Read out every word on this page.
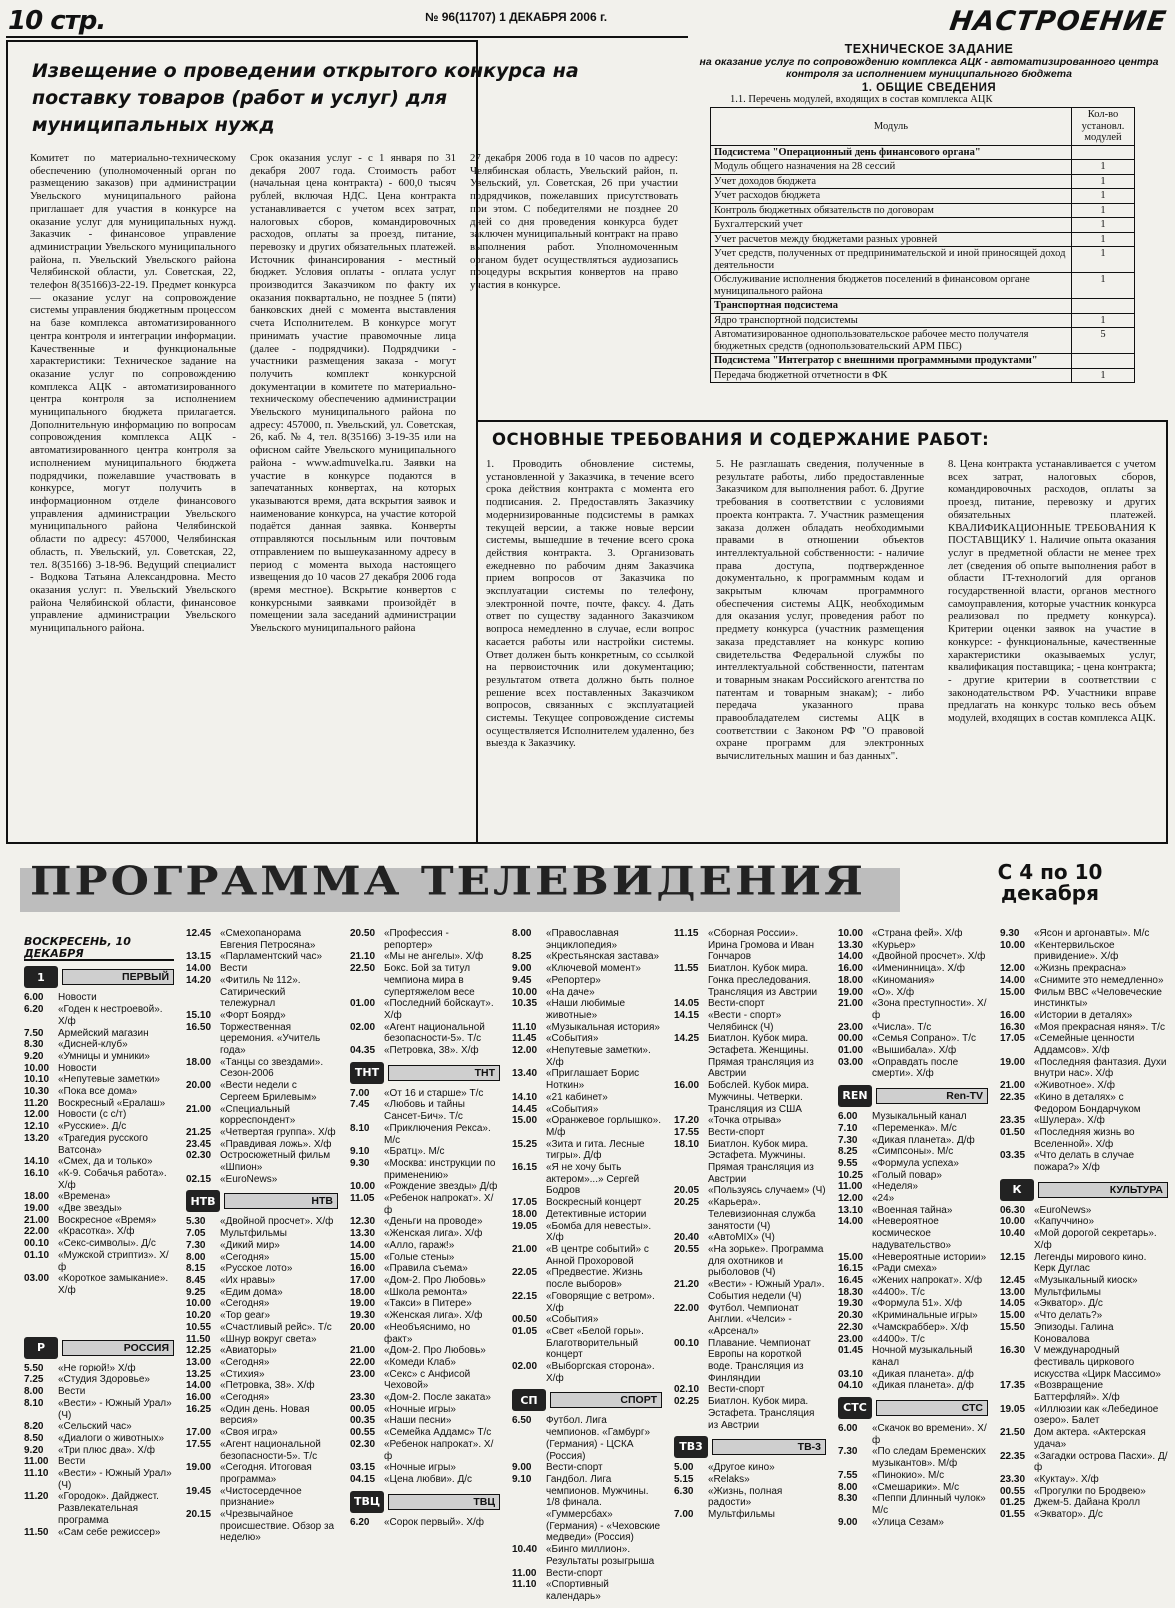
10 стр.	№ 96(11707) 1 ДЕКАБРЯ 2006 г.	НАСТРОЕНИЕ
Извещение о проведении открытого конкурса на поставку товаров (работ и услуг) для муниципальных нужд
Комитет по материально-техническому обеспечению (уполномоченный орган по размещению заказов) при администрации Увельского муниципального района приглашает для участия в конкурсе на оказание услуг для муниципальных нужд. Заказчик - финансовое управление администрации Увельского муниципального района, п. Увельский Увельского района Челябинской области, ул. Советская, 22, телефон 8(35166)3-22-19. Предмет конкурса — оказание услуг на сопровождение системы управления бюджетным процессом на базе комплекса автоматизированного центра контроля и интеграции информации. Качественные и функциональные характеристики: Техническое задание на оказание услуг по сопровождению комплекса АЦК - автоматизированного центра контроля за исполнением муниципального бюджета прилагается. Дополнительную информацию по вопросам сопровождения комплекса АЦК - автоматизированного центра контроля за исполнением муниципального бюджета подрядчики, пожелавшие участвовать в конкурсе, могут получить в информационном отделе финансового управления администрации Увельского муниципального района Челябинской области по адресу: 457000, Челябинская область, п. Увельский, ул. Советская, 22, тел. 8(35166) 3-18-96. Ведущий специалист - Водкова Татьяна Александровна. Место оказания услуг: п. Увельский Увельского района Челябинской области, финансовое управление администрации Увельского муниципального района.
Срок оказания услуг - с 1 января по 31 декабря 2007 года. Стоимость работ (начальная цена контракта) - 600,0 тысяч рублей, включая НДС. Цена контракта устанавливается с учетом всех затрат, налоговых сборов, командировочных расходов, оплаты за проезд, питание, перевозку и других обязательных платежей. Источник финансирования - местный бюджет. Условия оплаты - оплата услуг производится Заказчиком по факту их оказания поквартально, не позднее 5 (пяти) банковских дней с момента выставления счета Исполнителем. В конкурсе могут принимать участие правомочные лица (далее - подрядчики). Подрядчики - участники размещения заказа - могут получить комплект конкурсной документации в комитете по материально-техническому обеспечению администрации Увельского муниципального района по адресу: 457000, п. Увельский, ул. Советская, 26, каб. № 4, тел. 8(35166) 3-19-35 или на офисном сайте Увельского муниципального района - www.admuvelka.ru. Заявки на участие в конкурсе подаются в запечатанных конвертах, на которых указываются время, дата вскрытия заявок и наименование конкурса, на участие которой подаётся данная заявка. Конверты отправляются посыльным или почтовым отправлением по вышеуказанному адресу в период с момента выхода настоящего извещения до 10 часов 27 декабря 2006 года (время местное). Вскрытие конвертов с конкурсными заявками произойдёт в помещении зала заседаний администрации Увельского муниципального района
27 декабря 2006 года в 10 часов по адресу: Челябинская область, Увельский район, п. Увельский, ул. Советская, 26 при участии подрядчиков, пожелавших присутствовать при этом. С победителями не позднее 20 дней со дня проведения конкурса будет заключен муниципальный контракт на право выполнения работ. Уполномоченным органом будет осуществляться аудиозапись процедуры вскрытия конвертов на право участия в конкурсе.
ТЕХНИЧЕСКОЕ ЗАДАНИЕ
на оказание услуг по сопровождению комплекса АЦК - автоматизированного центра контроля за исполнением муниципального бюджета
1. ОБЩИЕ СВЕДЕНИЯ
1.1. Перечень модулей, входящих в состав комплекса АЦК
Модуль	Кол-во установл. модулей
Подсистема "Операционный день финансового органа"	
Модуль общего назначения на 28 сессий	1
Учет доходов бюджета	1
Учет расходов бюджета	1
Контроль бюджетных обязательств по договорам	1
Бухгалтерский учет	1
Учет расчетов между бюджетами разных уровней	1
Учет средств, полученных от предпринимательской и иной приносящей доход деятельности	1
Обслуживание исполнения бюджетов поселений в финансовом органе муниципального района	1
Транспортная подсистема	
Ядро транспортной подсистемы	1
Автоматизированное однопользовательское рабочее место получателя бюджетных средств (однопользовательский АРМ ПБС)	5
Подсистема "Интегратор с внешними программными продуктами"	
Передача бюджетной отчетности в ФК	1
ОСНОВНЫЕ ТРЕБОВАНИЯ И СОДЕРЖАНИЕ РАБОТ:
1. Проводить обновление системы, установленной у Заказчика, в течение всего срока действия контракта с момента его подписания. 2. Предоставлять Заказчику модернизированные подсистемы в рамках текущей версии, а также новые версии системы, вышедшие в течение всего срока действия контракта. 3. Организовать ежедневно по рабочим дням Заказчика прием вопросов от Заказчика по эксплуатации системы по телефону, электронной почте, почте, факсу. 4. Дать ответ по существу заданного Заказчиком вопроса немедленно в случае, если вопрос касается работы или настройки системы. Ответ должен быть конкретным, со ссылкой на первоисточник или документацию; результатом ответа должно быть полное решение всех поставленных Заказчиком вопросов, связанных с эксплуатацией системы. Текущее сопровождение системы осуществляется Исполнителем удаленно, без выезда к Заказчику.
5. Не разглашать сведения, полученные в результате работы, либо предоставленные Заказчиком для выполнения работ. 6. Другие требования в соответствии с условиями проекта контракта. 7. Участник размещения заказа должен обладать необходимыми правами в отношении объектов интеллектуальной собственности: - наличие права доступа, подтвержденное документально, к программным кодам и закрытым ключам программного обеспечения системы АЦК, необходимым для оказания услуг, проведения работ по предмету конкурса (участник размещения заказа представляет на конкурс копию свидетельства Федеральной службы по интеллектуальной собственности, патентам и товарным знакам Российского агентства по патентам и товарным знакам); - либо передача указанного права правообладателем системы АЦК в соответствии с Законом РФ "О правовой охране программ для электронных вычислительных машин и баз данных".
8. Цена контракта устанавливается с учетом всех затрат, налоговых сборов, командировочных расходов, оплаты за проезд, питание, перевозку и других обязательных платежей. КВАЛИФИКАЦИОННЫЕ ТРЕБОВАНИЯ К ПОСТАВЩИКУ 1. Наличие опыта оказания услуг в предметной области не менее трех лет (сведения об опыте выполнения работ в области IT-технологий для органов государственной власти, органов местного самоуправления, которые участник конкурса реализовал по предмету конкурса). Критерии оценки заявок на участие в конкурсе: - функциональные, качественные характеристики оказываемых услуг, квалификация поставщика; - цена контракта; - другие критерии в соответствии с законодательством РФ. Участники вправе предлагать на конкурс только весь объем модулей, входящих в состав комплекса АЦК.
ПРОГРАММА ТЕЛЕВИДЕНИЯ	С 4 по 10
декабря
ВОСКРЕСЕНЬ, 10 ДЕКАБРЯ
1	ПЕРВЫЙ

6.00 Новости

6.20 «Годен к нестроевой». Х/ф

7.50 Армейский магазин

8.30 «Дисней-клуб»

9.20 «Умницы и умники»

10.00 Новости

10.10 «Непутевые заметки»

10.30 «Пока все дома»

11.20 Воскресный «Ералаш»

12.00 Новости (с с/т)

12.10 «Русские». Д/с

13.20 «Трагедия русского Ватсона»

14.10 «Смех, да и только»

16.10 «К-9. Собачья работа». Х/ф

18.00 «Времена»

19.00 «Две звезды»

21.00 Воскресное «Время»

22.00 «Красотка». Х/ф

00.10 «Секс-символы». Д/с

01.10 «Мужской стриптиз». Х/ф

03.00 «Короткое замыкание». Х/ф

Р	РОССИЯ

5.50 «Не горюй!» Х/ф

7.25 «Студия Здоровье»

8.00 Вести

8.10 «Вести» - Южный Урал» (Ч)

8.20 «Сельский час»

8.50 «Диалоги о животных»

9.20 «Три плюс два». Х/ф

11.00 Вести

11.10 «Вести» - Южный Урал» (Ч)

11.20 «Городок». Дайджест. Развлекательная программа

11.50 «Сам себе режиссер»

12.45 «Смехопанорама Евгения Петросяна»

13.15 «Парламентский час»

14.00 Вести

14.20 «Фитиль № 112». Сатирический тележурнал

15.10 «Форт Боярд»

16.50 Торжественная церемония. «Учитель года»

18.00 «Танцы со звездами». Сезон-2006

20.00 «Вести недели с Сергеем Брилевым»

21.00 «Специальный корреспондент»

21.25 «Четвертая группа». Х/ф

23.45 «Правдивая ложь». Х/ф

02.30 Остросюжетный фильм «Шпион»

02.15 «EuroNews»

НТВ	НТВ

5.30 «Двойной просчет». Х/ф

7.05 Мультфильмы

7.30 «Дикий мир»

8.00 «Сегодня»

8.15 «Русское лото»

8.45 «Их нравы»

9.25 «Едим дома»

10.00 «Сегодня»

10.20 «Top gear»

10.55 «Счастливый рейс». Т/с

11.50 «Шнур вокруг света»

12.25 «Авиаторы»

13.00 «Сегодня»

13.25 «Стихия»

14.00 «Петровка, 38». Х/ф

16.00 «Сегодня»

16.25 «Один день. Новая версия»

17.00 «Своя игра»

17.55 «Агент национальной безопасности-5». Т/с

19.00 «Сегодня. Итоговая программа»

19.45 «Чистосердечное признание»

20.15 «Чрезвычайное происшествие. Обзор за неделю»

20.50 «Профессия - репортер»

21.10 «Мы не ангелы». Х/ф

22.50 Бокс. Бой за титул чемпиона мира в супертяжелом весе

01.00 «Последний бойскаут». Х/ф

02.00 «Агент национальной безопасности-5». Т/с

04.35 «Петровка, 38». Х/ф

ТНТ	ТНТ

7.00 «От 16 и старше» Т/с

7.45 «Любовь и тайны Сансет-Бич». Т/с

8.10 «Приключения Рекса». М/с

9.10 «Братц». М/с

9.30 «Москва: инструкции по применению»

10.00 «Рождение звезды» Д/ф

11.05 «Ребенок напрокат». Х/ф

12.30 «Деньги на проводе»

13.30 «Женская лига». Х/ф

14.00 «Алло, гараж!»

15.00 «Голые стены»

16.00 «Правила съема»

17.00 «Дом-2. Про Любовь»

18.00 «Школа ремонта»

19.00 «Такси» в Питере»

19.30 «Женская лига». Х/ф

20.00 «Необъяснимо, но факт»

21.00 «Дом-2. Про Любовь»

22.00 «Комеди Клаб»

23.00 «Секс» с Анфисой Чеховой»

23.30 «Дом-2. После заката»

00.05 «Ночные игры»

00.35 «Наши песни»

00.55 «Семейка Аддамс» Т/с

02.30 «Ребенок напрокат». Х/ф

03.15 «Ночные игры»

04.15 «Цена любви». Д/с

ТВЦ	ТВЦ

6.20 «Сорок первый». Х/ф

8.00 «Православная энциклопедия»

8.25 «Крестьянская застава»

9.00 «Ключевой момент»

9.45 «Репортер»

10.00 «На даче»

10.35 «Наши любимые животные»

11.10 «Музыкальная история»

11.45 «События»

12.00 «Непутевые заметки». Х/ф

13.40 «Приглашает Борис Ноткин»

14.10 «21 кабинет»

14.45 «События»

15.00 «Оранжевое горлышко». М/ф

15.25 «Зита и гита. Лесные тигры». Д/ф

16.15 «Я не хочу быть актером»...» Сергей Бодров

17.05 Воскресный концерт

18.00 Детективные истории

19.05 «Бомба для невесты». Х/ф

21.00 «В центре событий» с Анной Прохоровой

22.05 «Предвестие. Жизнь после выборов»

22.15 «Говорящие с ветром». Х/ф

00.50 «События»

01.05 «Свет «Белой горы». Благотворительный концерт

02.00 «Выборгская сторона». Х/ф

СП	СПОРТ

6.50 Футбол. Лига чемпионов. «Гамбург» (Германия) - ЦСКА (Россия)

9.00 Вести-спорт

9.10 Гандбол. Лига чемпионов. Мужчины. 1/8 финала. «Гуммерсбах» (Германия) - «Чеховские медведи» (Россия)

10.40 «Бинго миллион». Результаты розыгрыша

11.00 Вести-спорт

11.10 «Спортивный календарь»

11.15 «Сборная России». Ирина Громова и Иван Гончаров

11.55 Биатлон. Кубок мира. Гонка преследования. Трансляция из Австрии

14.05 Вести-спорт

14.15 «Вести - спорт» Челябинск (Ч)

14.25 Биатлон. Кубок мира. Эстафета. Женщины. Прямая трансляция из Австрии

16.00 Бобслей. Кубок мира. Мужчины. Четверки. Трансляция из США

17.20 «Точка отрыва»

17.55 Вести-спорт

18.10 Биатлон. Кубок мира. Эстафета. Мужчины. Прямая трансляция из Австрии

20.05 «Пользуясь случаем» (Ч)

20.25 «Карьера». Телевизионная служба занятости (Ч)

20.40 «АвтоМIX» (Ч)

20.55 «На зорьке». Программа для охотников и рыболовов (Ч)

21.20 «Вести» - Южный Урал». События недели (Ч)

22.00 Футбол. Чемпионат Англии. «Челси» - «Арсенал»

00.10 Плавание. Чемпионат Европы на короткой воде. Трансляция из Финляндии

02.10 Вести-спорт

02.25 Биатлон. Кубок мира. Эстафета. Трансляция из Австрии

ТВ3	ТВ-3

5.00 «Другое кино»

5.15 «Relaks»

6.30 «Жизнь, полная радости»

7.00 Мультфильмы

10.00 «Страна фей». Х/ф

13.30 «Курьер»

14.00 «Двойной просчет». Х/ф

16.00 «Именинница». Х/ф

18.00 «Киномания»

19.00 «О». Х/ф

21.00 «Зона преступности». Х/ф

23.00 «Числа». Т/с

00.00 «Семья Сопрано». Т/с

01.00 «Вышибала». Х/ф

03.00 «Оправдать после смерти». Х/ф

REN	Ren-TV

6.00 Музыкальный канал

7.10 «Переменка». М/с

7.30 «Дикая планета». Д/ф

8.25 «Симпсоны». М/с

9.55 «Формула успеха»

10.25 «Голый повар»

11.00 «Неделя»

12.00 «24»

13.10 «Военная тайна»

14.00 «Невероятное космическое надувательство»

15.00 «Невероятные истории»

16.15 «Ради смеха»

16.45 «Жених напрокат». Х/ф

18.30 «4400». Т/с

19.30 «Формула 51». Х/ф

20.30 «Криминальные игры»

22.30 «Чамскраббер». Х/ф

23.00 «4400». Т/с

01.45 Ночной музыкальный канал

03.10 «Дикая планета». д/ф

04.10 «Дикая планета». д/ф

СТС	СТС

6.00 «Скачок во времени». Х/ф

7.30 «По следам Бременских музыкантов». М/ф

7.55 «Пинокио». М/с

8.00 «Смешарики». М/с

8.30 «Пеппи Длинный чулок» М/с

9.00 «Улица Сезам»

9.30 «Ясон и аргонавты». М/с

10.00 «Кентервильское привидение». Х/ф

12.00 «Жизнь прекрасна»

14.00 «Снимите это немедленно»

15.00 Фильм BBC «Человеческие инстинкты»

16.00 «Истории в деталях»

16.30 «Моя прекрасная няня». Т/с

17.05 «Семейные ценности Аддамсов». Х/ф

19.00 «Последняя фантазия. Духи внутри нас». Х/ф

21.00 «Животное». Х/ф

22.35 «Кино в деталях» с Федором Бондарчуком

23.35 «Шулера». Х/ф

01.50 «Последняя жизнь во Вселенной». Х/ф

03.35 «Что делать в случае пожара?» Х/ф

К	КУЛЬТУРА

06.30 «EuroNews»

10.00 «Капуччино»

10.40 «Мой дорогой секретарь». Х/ф

12.15 Легенды мирового кино. Керк Дуглас

12.45 «Музыкальный киоск»

13.00 Мультфильмы

14.05 «Экватор». Д/с

15.00 «Что делать?»

15.50 Эпизоды. Галина Коновалова

16.30 V международный фестиваль циркового искусства «Цирк Массимо»

17.35 «Возвращение Баттерфляй». Х/ф

19.05 «Иллюзии как «Лебединое озеро». Балет

21.50 Дом актера. «Актерская удача»

22.35 «Загадки острова Пасхи». Д/ф

23.30 «Куктау». Х/ф

00.55 «Прогулки по Бродвею»

01.25 Джем-5. Дайана Кролл

01.55 «Экватор». Д/с
